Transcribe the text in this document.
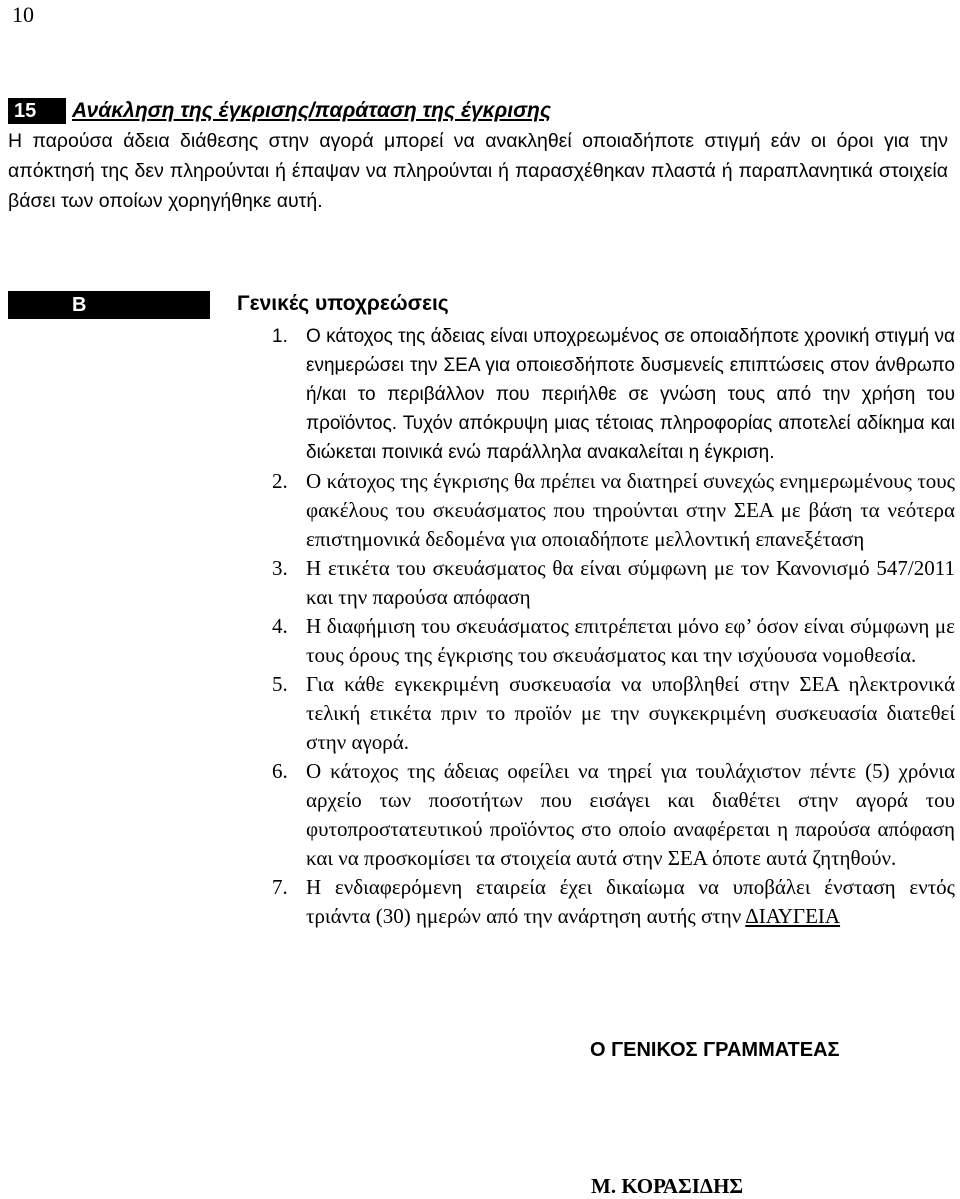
10
15	Ανάκληση της έγκρισης/παράταση της έγκρισης

Η παρούσα άδεια διάθεσης στην αγορά μπορεί να ανακληθεί οποιαδήποτε στιγμή εάν οι όροι για την απόκτησή της δεν πληρούνται ή έπαψαν να πληρούνται ή παρασχέθηκαν πλαστά ή παραπλανητικά στοιχεία βάσει των οποίων χορηγήθηκε αυτή.

Β	Γενικές υποχρεώσεις
1. Ο κάτοχος της άδειας είναι υποχρεωμένος σε οποιαδήποτε χρονική στιγμή να ενημερώσει την ΣΕΑ για οποιεσδήποτε δυσμενείς επιπτώσεις στον άνθρωπο ή/και το περιβάλλον που περιήλθε σε γνώση τους από την χρήση του προϊόντος. Τυχόν απόκρυψη μιας τέτοιας πληροφορίας αποτελεί αδίκημα και διώκεται ποινικά ενώ παράλληλα ανακαλείται η έγκριση.
2. Ο κάτοχος της έγκρισης θα πρέπει να διατηρεί συνεχώς ενημερωμένους τους φακέλους του σκευάσματος που τηρούνται στην ΣΕΑ με βάση τα νεότερα επιστημονικά δεδομένα για οποιαδήποτε μελλοντική επανεξέταση
3. Η ετικέτα του σκευάσματος θα είναι σύμφωνη με τον Κανονισμό 547/2011 και την παρούσα απόφαση
4. Η διαφήμιση του σκευάσματος επιτρέπεται μόνο εφ’ όσον είναι σύμφωνη με τους όρους της έγκρισης του σκευάσματος και την ισχύουσα νομοθεσία.
5. Για κάθε εγκεκριμένη συσκευασία να υποβληθεί στην ΣΕΑ ηλεκτρονικά τελική ετικέτα πριν το προϊόν με την συγκεκριμένη συσκευασία διατεθεί στην αγορά.
6. Ο κάτοχος της άδειας οφείλει να τηρεί για τουλάχιστον πέντε (5) χρόνια αρχείο των ποσοτήτων που εισάγει και διαθέτει στην αγορά του φυτοπροστατευτικού προϊόντος στο οποίο αναφέρεται η παρούσα απόφαση και να προσκομίσει τα στοιχεία αυτά στην ΣΕΑ όποτε αυτά ζητηθούν.
7. Η ενδιαφερόμενη εταιρεία έχει δικαίωμα να υποβάλει ένσταση εντός τριάντα (30) ημερών από την ανάρτηση αυτής στην ΔΙΑΥΓΕΙΑ
Ο ΓΕΝΙΚΟΣ ΓΡΑΜΜΑΤΕΑΣ
Μ. ΚΟΡΑΣΙΔΗΣ
